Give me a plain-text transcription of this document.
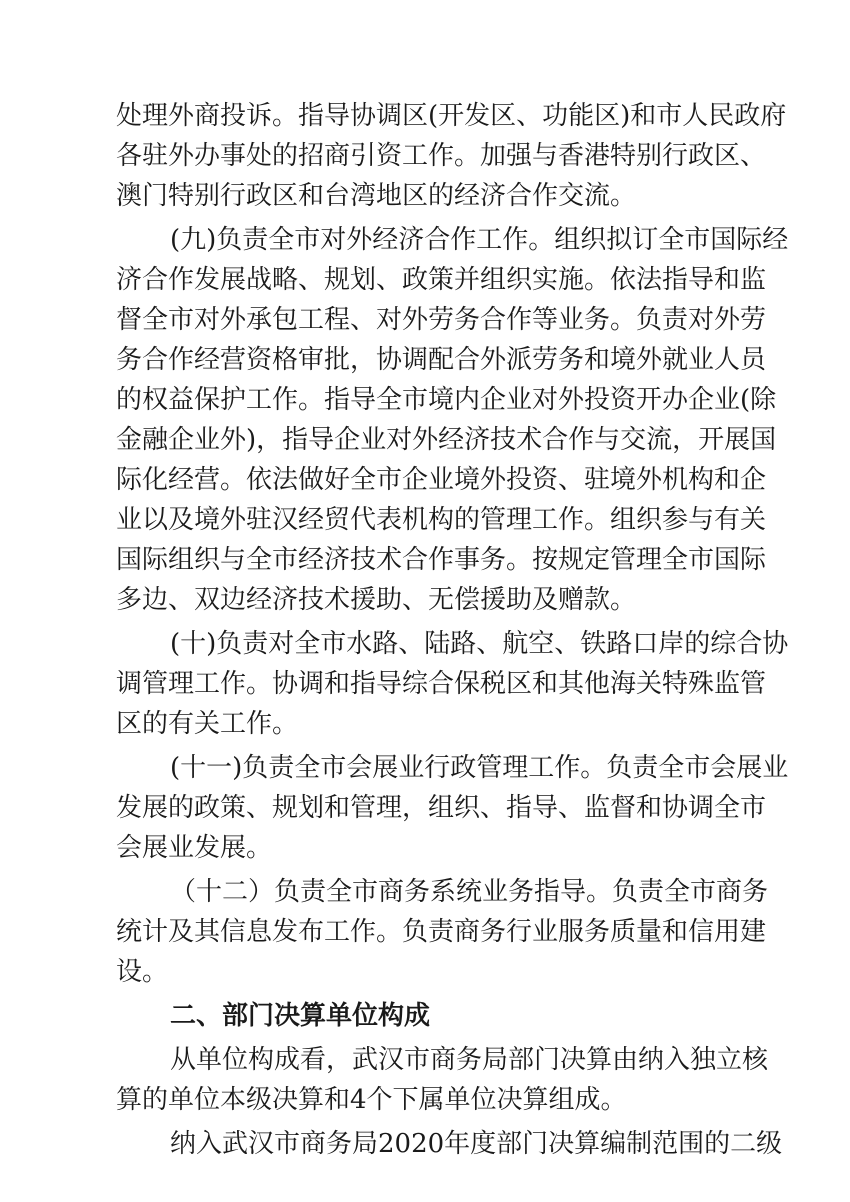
处理外商投诉。指导协调区(开发区、功能区)和市人民政府
各驻外办事处的招商引资工作。加强与香港特别行政区、
澳门特别行政区和台湾地区的经济合作交流。
(九)负责全市对外经济合作工作。组织拟订全市国际经
济合作发展战略、规划、政策并组织实施。依法指导和监
督全市对外承包工程、对外劳务合作等业务。负责对外劳
务合作经营资格审批，协调配合外派劳务和境外就业人员
的权益保护工作。指导全市境内企业对外投资开办企业(除
金融企业外)，指导企业对外经济技术合作与交流，开展国
际化经营。依法做好全市企业境外投资、驻境外机构和企
业以及境外驻汉经贸代表机构的管理工作。组织参与有关
国际组织与全市经济技术合作事务。按规定管理全市国际
多边、双边经济技术援助、无偿援助及赠款。
(十)负责对全市水路、陆路、航空、铁路口岸的综合协
调管理工作。协调和指导综合保税区和其他海关特殊监管
区的有关工作。
(十一)负责全市会展业行政管理工作。负责全市会展业
发展的政策、规划和管理，组织、指导、监督和协调全市
会展业发展。
（十二）负责全市商务系统业务指导。负责全市商务
统计及其信息发布工作。负责商务行业服务质量和信用建
设。
二、部门决算单位构成
从单位构成看，武汉市商务局部门决算由纳入独立核
算的单位本级决算和4个下属单位决算组成。
纳入武汉市商务局2020年度部门决算编制范围的二级
